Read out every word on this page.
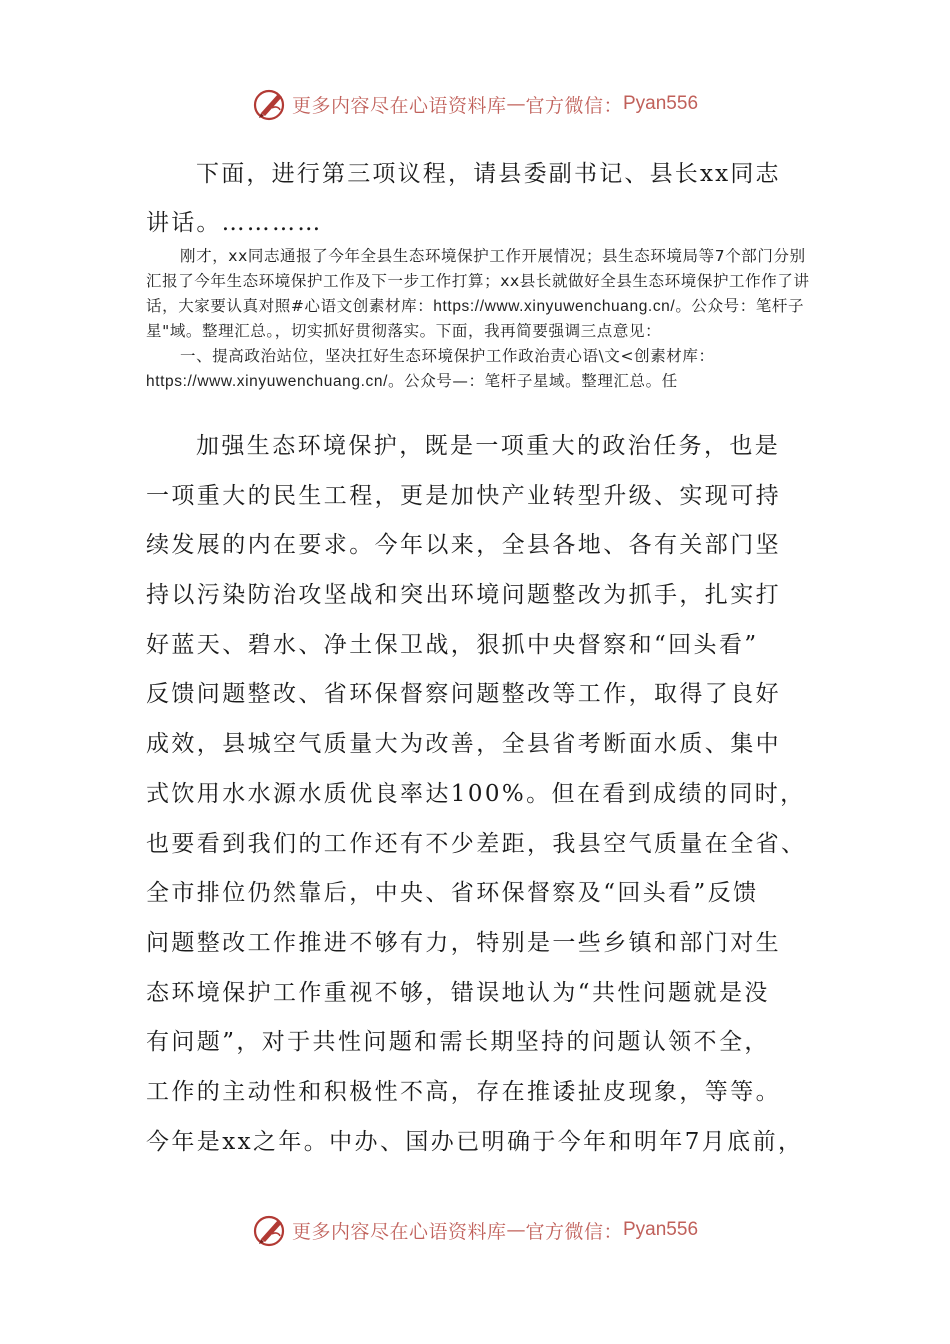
更多内容尽在心语资料库 — 官方微信： Pyan556

下面，进行第三项议程，请县委副书记、县长xx同志

讲话。…………

刚才，xx同志通报了今年全县生态环境保护工作开展情况；县生态环境局等7个部门分别汇报了今年生态环境保护工作及下一步工作打算；xx县长就做好全县生态环境保护工作作了讲话，大家要认真对照#心语文创素材库：https://www.xinyuwenchuang.cn/。公众号：笔杆子星"域。整理汇总。，切实抓好贯彻落实。下面，我再简要强调三点意见：

一、提高政治站位，坚决扛好生态环境保护工作政治责心语\文<创素材库：https://www.xinyuwenchuang.cn/。公众号—：笔杆子星域。整理汇总。任

加强生态环境保护，既是一项重大的政治任务，也是
一项重大的民生工程，更是加快产业转型升级、实现可持
续发展的内在要求。今年以来，全县各地、各有关部门坚
持以污染防治攻坚战和突出环境问题整改为抓手，扎实打
好蓝天、碧水、净土保卫战，狠抓中央督察和“回头看”
反馈问题整改、省环保督察问题整改等工作，取得了良好
成效，县城空气质量大为改善，全县省考断面水质、集中
式饮用水水源水质优良率达100%。但在看到成绩的同时，
也要看到我们的工作还有不少差距，我县空气质量在全省、
全市排位仍然靠后，中央、省环保督察及“回头看”反馈
问题整改工作推进不够有力，特别是一些乡镇和部门对生
态环境保护工作重视不够，错误地认为“共性问题就是没
有问题”，对于共性问题和需长期坚持的问题认领不全，
工作的主动性和积极性不高，存在推诿扯皮现象，等等。
今年是xx之年。中办、国办已明确于今年和明年7月底前，
更多内容尽在心语资料库 — 官方微信： Pyan556
